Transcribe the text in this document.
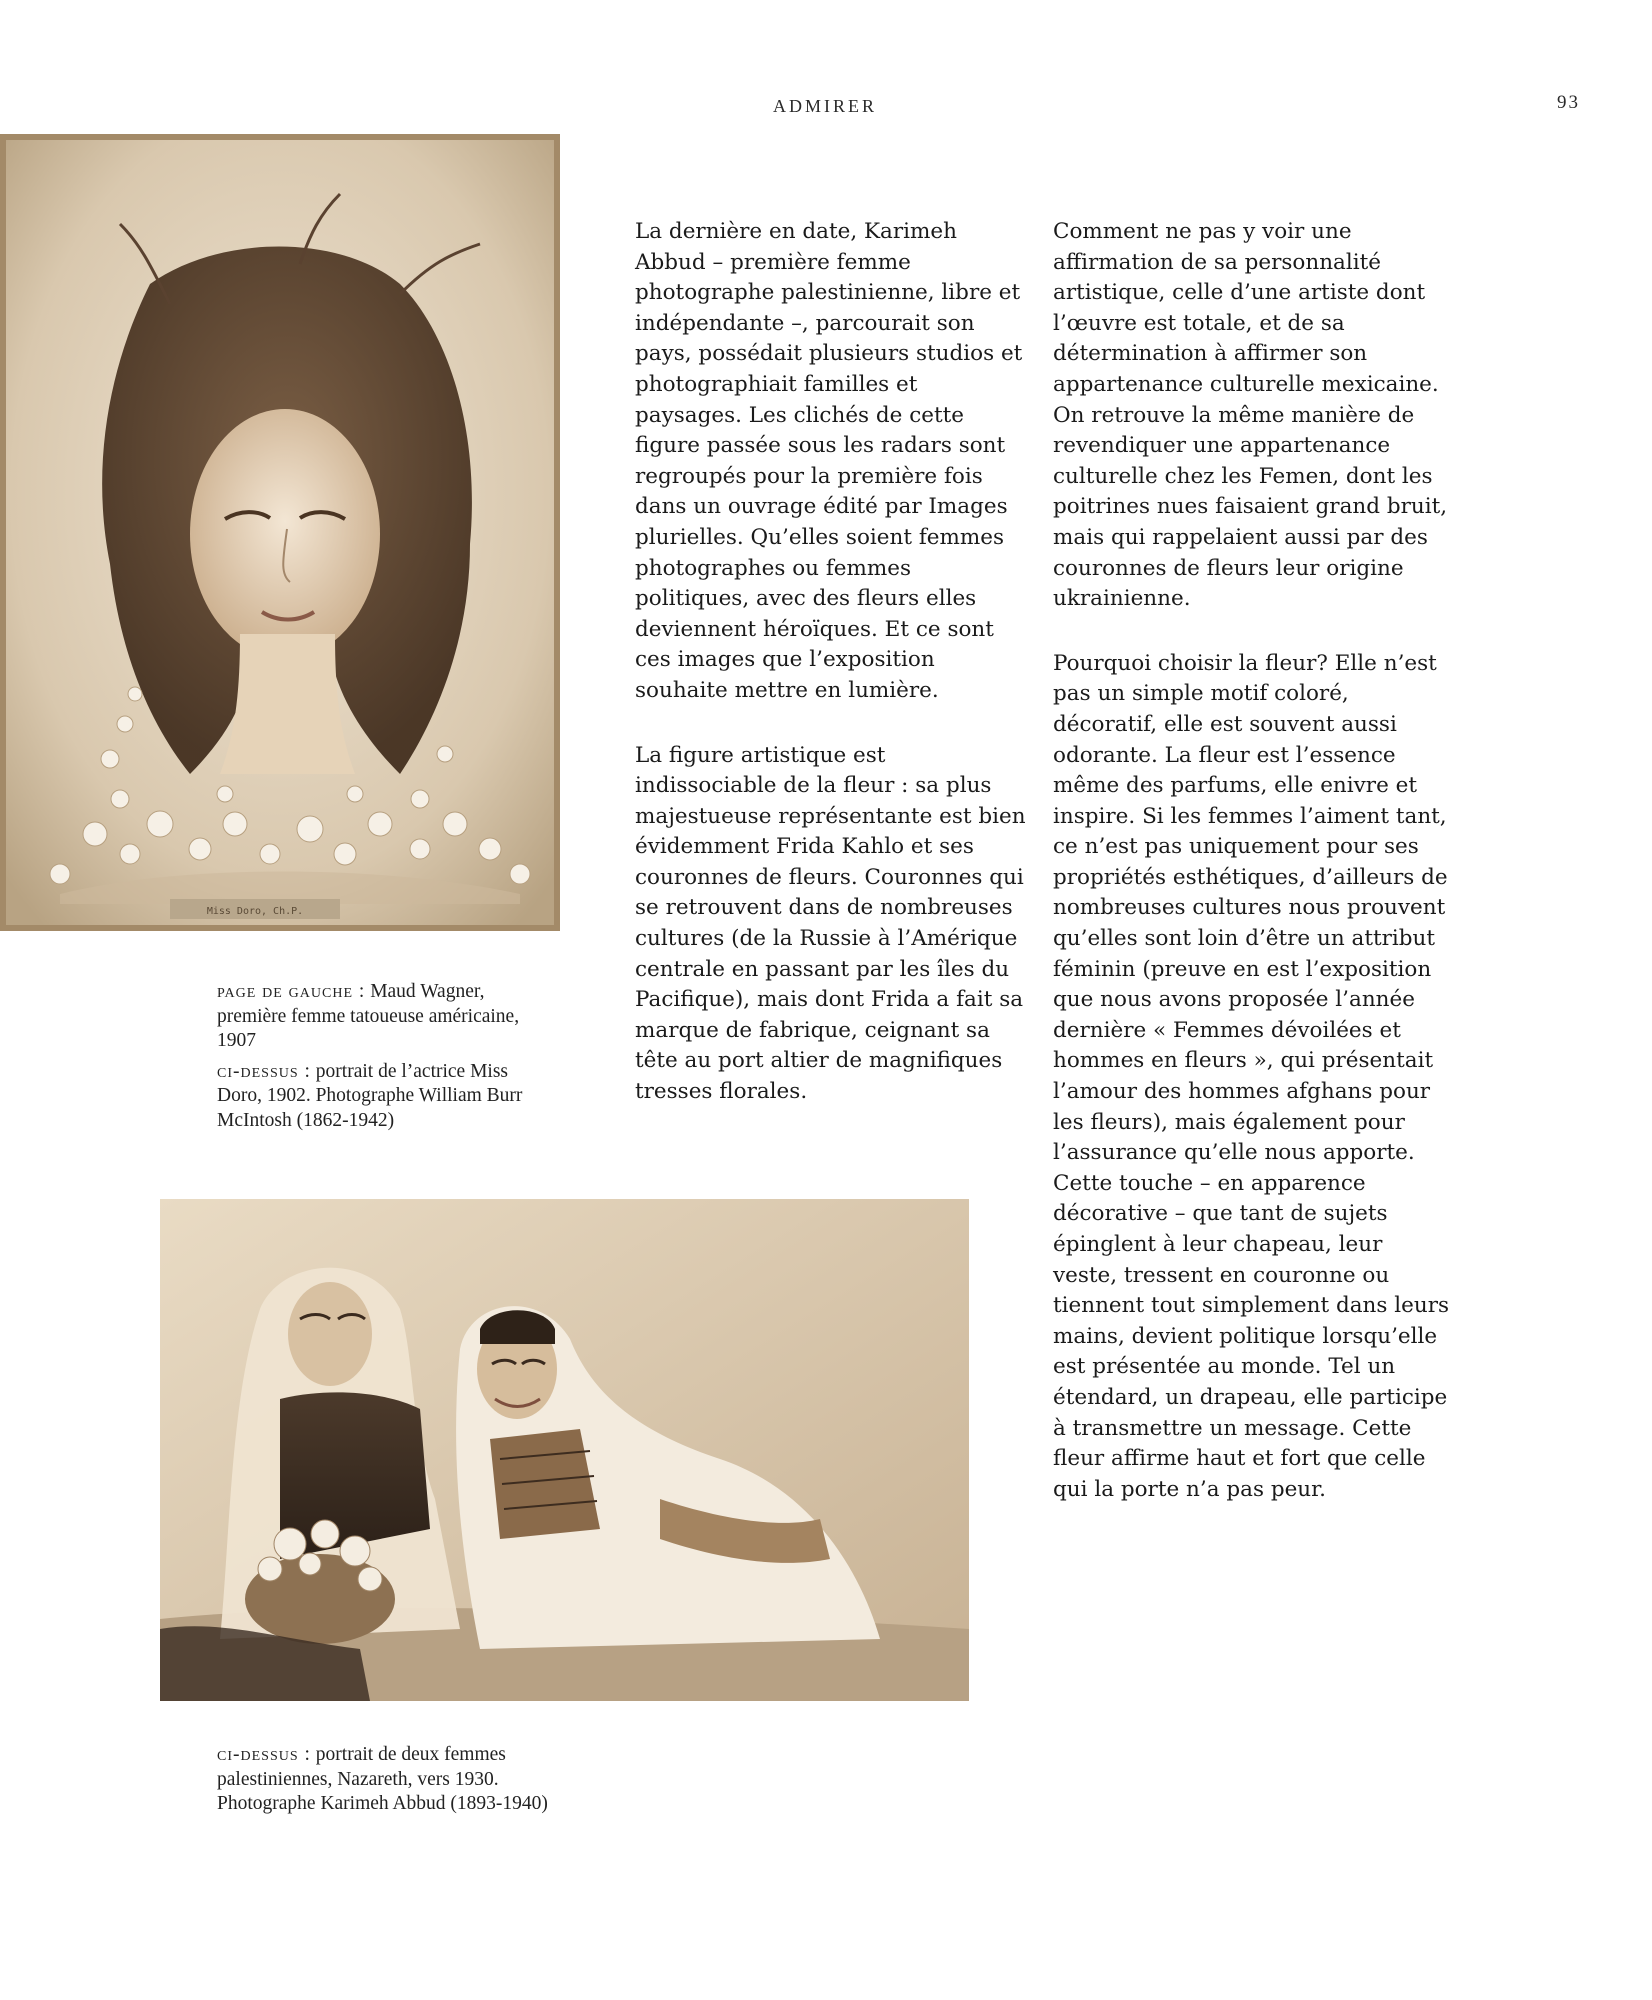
ADMIRER	93
Miss Doro, Ch.P.

page de gauche : Maud Wagner, première femme tatoueuse américaine, 1907

ci-dessus : portrait de l’actrice Miss Doro, 1902. Photographe William Burr McIntosh (1862-1942)

ci-dessus : portrait de deux femmes palestiniennes, Nazareth, vers 1930. Photographe Karimeh Abbud (1893-1940)

La dernière en date, Karimeh Abbud – première femme photographe palestinienne, libre et indépendante –, parcourait son pays, possédait plusieurs studios et photographiait familles et paysages. Les clichés de cette figure passée sous les radars sont regroupés pour la première fois dans un ouvrage édité par Images plurielles. Qu’elles soient femmes photographes ou femmes politiques, avec des fleurs elles deviennent héroïques. Et ce sont ces images que l’exposition souhaite mettre en lumière.

La figure artistique est indissociable de la fleur : sa plus majestueuse représentante est bien évidemment Frida Kahlo et ses couronnes de fleurs. Couronnes qui se retrouvent dans de nombreuses cultures (de la Russie à l’Amérique centrale en passant par les îles du Pacifique), mais dont Frida a fait sa marque de fabrique, ceignant sa tête au port altier de magnifiques tresses florales.

Comment ne pas y voir une affirmation de sa personnalité artistique, celle d’une artiste dont l’œuvre est totale, et de sa détermination à affirmer son appartenance culturelle mexicaine. On retrouve la même manière de revendiquer une appartenance culturelle chez les Femen, dont les poitrines nues faisaient grand bruit, mais qui rappelaient aussi par des couronnes de fleurs leur origine ukrainienne.

Pourquoi choisir la fleur? Elle n’est pas un simple motif coloré, décoratif, elle est souvent aussi odorante. La fleur est l’essence même des parfums, elle enivre et inspire. Si les femmes l’aiment tant, ce n’est pas uniquement pour ses propriétés esthétiques, d’ailleurs de nombreuses cultures nous prouvent qu’elles sont loin d’être un attribut féminin (preuve en est l’exposition que nous avons proposée l’année dernière « Femmes dévoilées et hommes en fleurs », qui présentait l’amour des hommes afghans pour les fleurs), mais également pour l’assurance qu’elle nous apporte. Cette touche – en apparence décorative – que tant de sujets épinglent à leur chapeau, leur veste, tressent en couronne ou tiennent tout simplement dans leurs mains, devient politique lorsqu’elle est présentée au monde. Tel un étendard, un drapeau, elle participe à transmettre un message. Cette fleur affirme haut et fort que celle qui la porte n’a pas peur.
